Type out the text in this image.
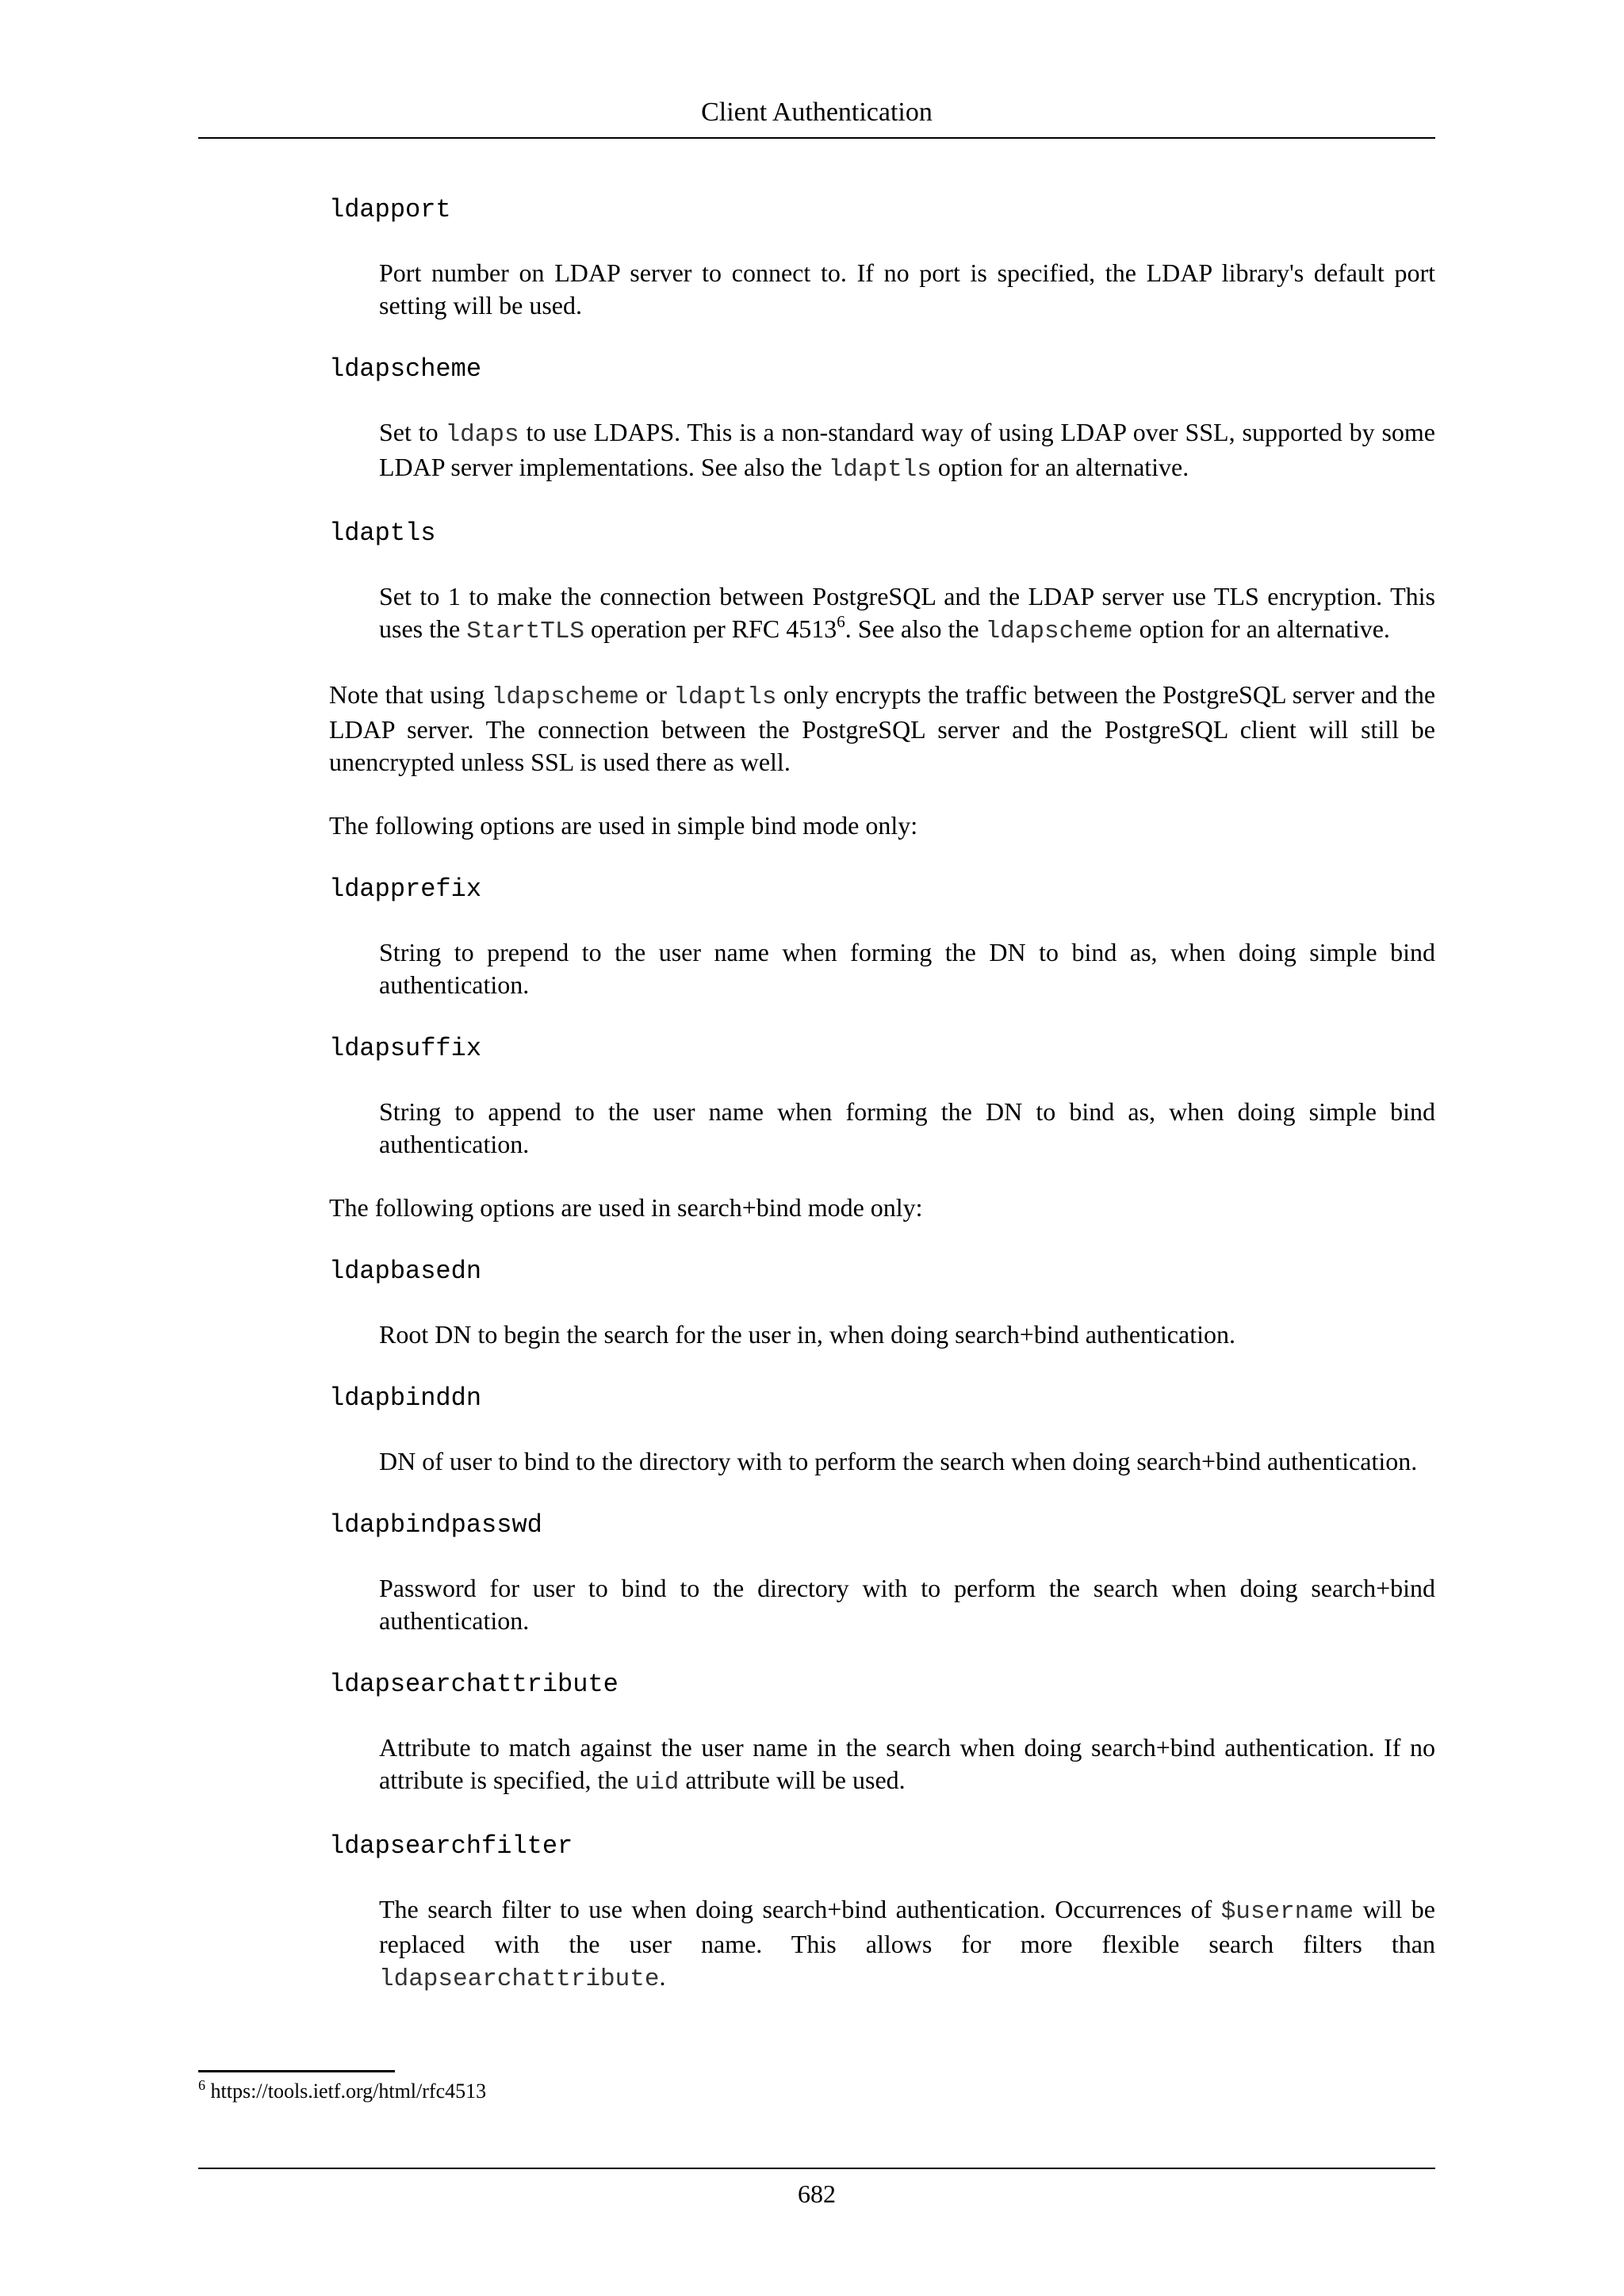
Client Authentication
ldapport
Port number on LDAP server to connect to. If no port is specified, the LDAP library's default port setting will be used.
ldapscheme
Set to ldaps to use LDAPS. This is a non-standard way of using LDAP over SSL, supported by some LDAP server implementations. See also the ldaptls option for an alternative.
ldaptls
Set to 1 to make the connection between PostgreSQL and the LDAP server use TLS encryption. This uses the StartTLS operation per RFC 4513$^6$. See also the ldapscheme option for an alternative.
Note that using ldapscheme or ldaptls only encrypts the traffic between the PostgreSQL server and the LDAP server. The connection between the PostgreSQL server and the PostgreSQL client will still be unencrypted unless SSL is used there as well.
The following options are used in simple bind mode only:
ldapprefix
String to prepend to the user name when forming the DN to bind as, when doing simple bind authentication.
ldapsuffix
String to append to the user name when forming the DN to bind as, when doing simple bind authentication.
The following options are used in search+bind mode only:
ldapbasedn
Root DN to begin the search for the user in, when doing search+bind authentication.
ldapbinddn
DN of user to bind to the directory with to perform the search when doing search+bind authentication.
ldapbindpasswd
Password for user to bind to the directory with to perform the search when doing search+bind authentication.
ldapsearchattribute
Attribute to match against the user name in the search when doing search+bind authentication. If no attribute is specified, the uid attribute will be used.
ldapsearchfilter
The search filter to use when doing search+bind authentication. Occurrences of $username will be replaced with the user name. This allows for more flexible search filters than ldapsearchattribute.
$^6$ https://tools.ietf.org/html/rfc4513
682
